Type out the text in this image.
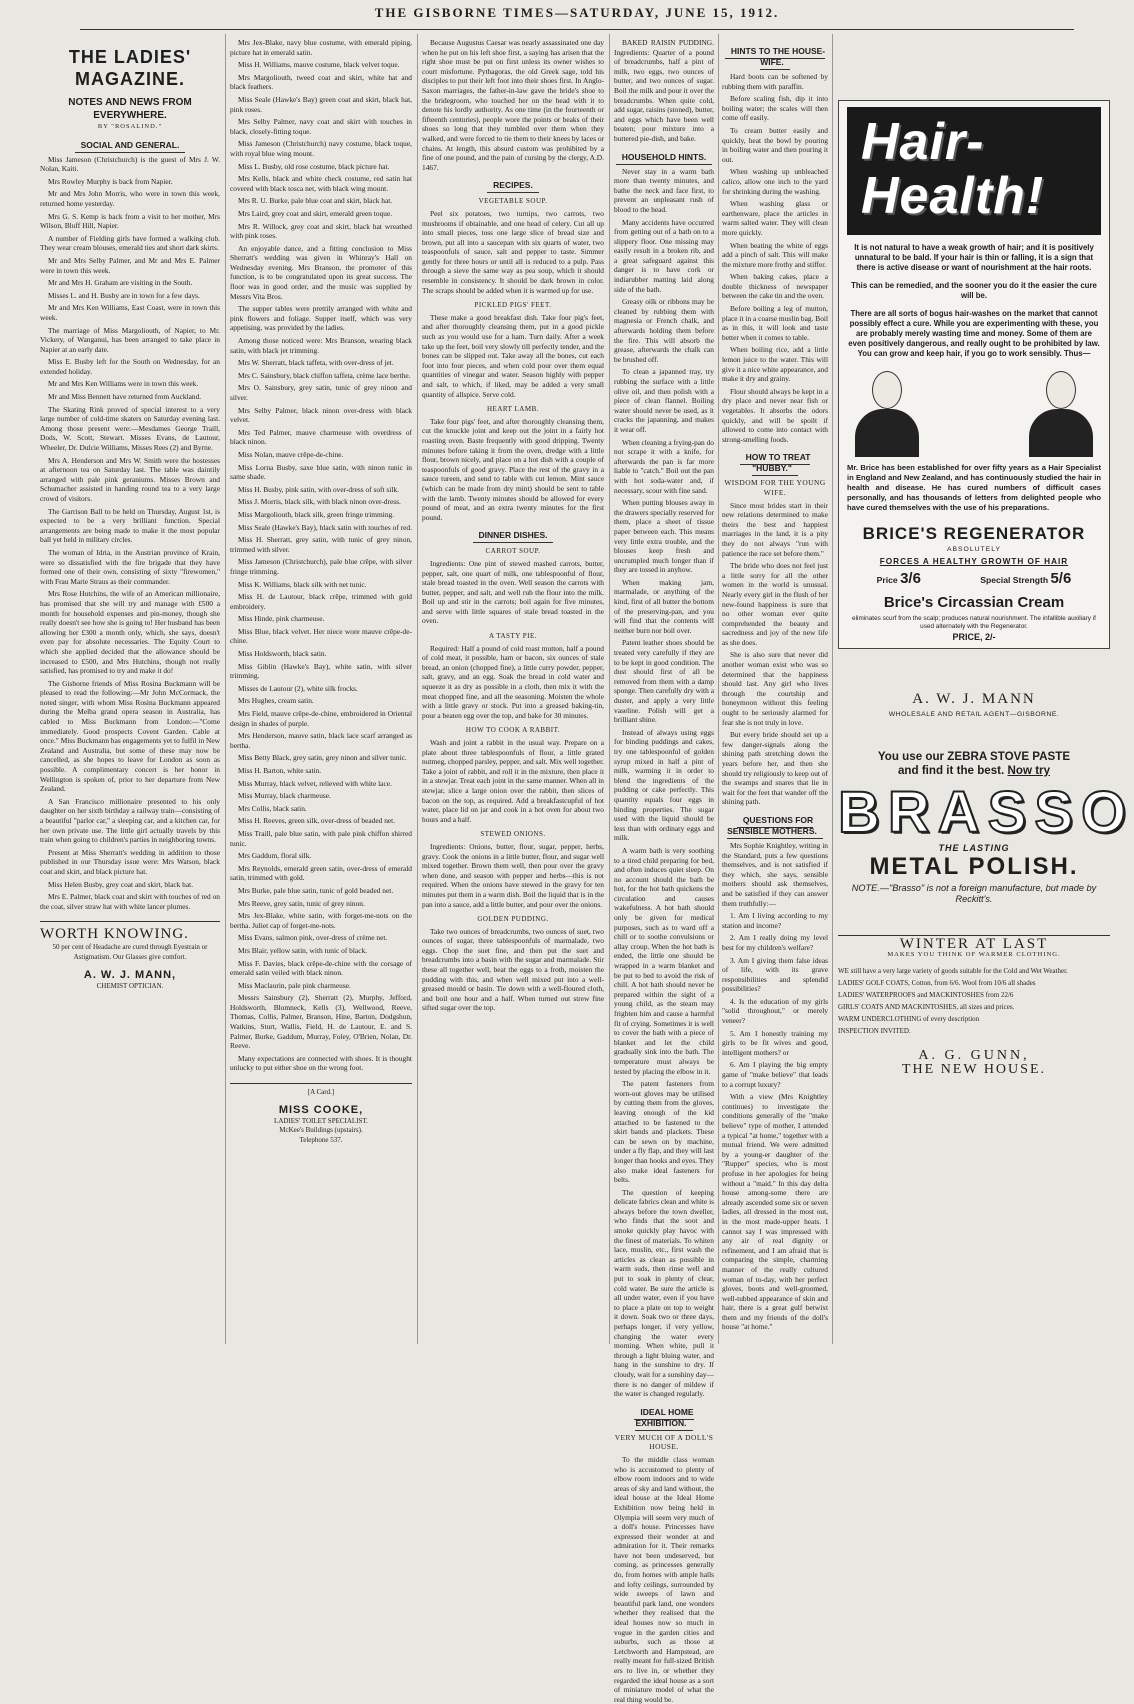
THE GISBORNE TIMES—SATURDAY, JUNE 15, 1912.
THE LADIES' MAGAZINE.
NOTES AND NEWS FROM EVERYWHERE.
BY "ROSALIND."
SOCIAL AND GENERAL.

Miss Jameson (Christchurch) is the guest of Mrs J. W. Nolan, Kaiti.

Mrs Rowley Murphy is back from Napier.

Mr and Mrs John Morris, who were in town this week, returned home yesterday.

Mrs G. S. Kemp is back from a visit to her mother, Mrs Wilson, Bluff Hill, Napier.

A number of Fielding girls have formed a walking club. They wear cream blouses, emerald ties and short dark skirts.

Mr and Mrs Selby Palmer, and Mr and Mrs E. Palmer were in town this week.

Mr and Mrs H. Graham are visiting in the South.

Misses L. and H. Busby are in town for a few days.

Mr and Mrs Ken Williams, East Coast, were in town this week.

The marriage of Miss Margoliouth, of Napier, to Mr. Vickery, of Wanganui, has been arranged to take place in Napier at an early date.

Miss E. Busby left for the South on Wednesday, for an extended holiday.

Mr and Mrs Ken Williams were in town this week.

Mr and Miss Bennett have returned from Auckland.

The Skating Rink proved of special interest to a very large number of cold-time skaters on Saturday evening last. Among those present were:—Mesdames George Traill, Dods, W. Scott, Stewart. Misses Evans, de Lautour, Wheeler, Dr. Dulcie Williams, Misses Rees (2) and Byrne.

Mrs A. Henderson and Mrs W. Smith were the hostesses at afternoon tea on Saturday last. The table was daintily arranged with pale pink geraniums. Misses Brown and Schumacher assisted in handing round tea to a very large crowd of visitors.

The Garrison Ball to be held on Thursday, August 1st, is expected to be a very brilliant function. Special arrangements are being made to make it the most popular ball yet held in military circles.

The woman of Idria, in the Austrian province of Krain, were so dissatisfied with the fire brigade that they have formed one of their own, consisting of sixty "firewomen," with Frau Marie Straus as their commander.

Mrs Rose Hutchins, the wife of an American millionaire, has promised that she will try and manage with £500 a month for household expenses and pin-money, though she really doesn't see how she is going to! Her husband has been allowing her £300 a month only, which, she says, doesn't even pay for absolute necessaries. The Equity Court to which she applied decided that the allowance should be increased to £500, and Mrs Hutchins, though not really satisfied, has promised to try and make it do!

The Gisborne friends of Miss Rosina Buckmann will be pleased to read the following:—Mr John McCormack, the noted singer, with whom Miss Rosina Buckmann appeared during the Melba grand opera season in Australia, has cabled to Miss Buckmann from London:—"Come immediately. Good prospects Covent Garden. Cable at once." Miss Buckmann has engagements yet to fulfil in New Zealand and Australia, but some of these may now be cancelled, as she hopes to leave for London as soon as possible. A complimentary concert is her honor in Wellington is spoken of, prior to her departure from New Zealand.

A San Francisco millionaire presented to his only daughter on her sixth birthday a railway train—consisting of a beautiful "parlor car," a sleeping car, and a kitchen car, for her own private use. The little girl actually travels by this train when going to children's parties in neighboring towns.

Present at Miss Sherratt's wedding in addition to those published in our Thursday issue were: Mrs Watson, black coat and skirt, and black picture hat.

Miss Helen Busby, grey coat and skirt, black hat.

Mrs E. Palmer, black coat and skirt with touches of red on the coat, silver straw hat with white lancer plumes.

WORTH KNOWING.
50 per cent of Headache are cured through Eyestrain or Astigmatism. Our Glasses give comfort.
A. W. J. MANN,
CHEMIST OPTICIAN.

Mrs Jex-Blake, navy blue costume, with emerald piping, picture hat in emerald satin.

Miss H. Williams, mauve costume, black velvet toque.

Mrs Margoliouth, tweed coat and skirt, white hat and black feathers.

Miss Seale (Hawke's Bay) green coat and skirt, black hat, pink roses.

Mrs Selby Palmer, navy coat and skirt with touches in black, closely-fitting toque.

Miss Jameson (Christchurch) navy costume, black toque, with royal blue wing mount.

Miss L. Busby, old rose costume, black picture hat.

Mrs Kells, black and white check costume, red satin hat covered with black tosca net, with black wing mount.

Mrs R. U. Burke, pale blue coat and skirt, black hat.

Mrs Laird, grey coat and skirt, emerald green toque.

Mrs R. Willock, grey coat and skirt, black hat wreathed with pink roses.

An enjoyable dance, and a fitting conclusion to Miss Sherratt's wedding was given in Whinray's Hall on Wednesday evening. Mrs Branson, the promoter of this function, is to be congratulated upon its great success. The floor was in good order, and the music was supplied by Messrs Vita Bros.

The supper tables were prettily arranged with white and pink flowers and foliage. Supper itself, which was very appetising, was provided by the ladies.

Among those noticed were: Mrs Branson, wearing black satin, with black jet trimming.

Mrs W. Sherratt, black taffeta, with over-dress of jet.

Mrs C. Sainsbury, black chiffon taffeta, crème lace berthe.

Mrs O. Sainsbury, grey satin, tunic of grey ninon and silver.

Mrs Selby Palmer, black ninon over-dress with black velvet.

Mrs Ted Palmer, mauve charmeuse with overdress of black ninon.

Miss Nolan, mauve crêpe-de-chine.

Miss Lorna Busby, saxe blue satin, with ninon tunic in same shade.

Miss H. Busby, pink satin, with over-dress of soft silk.

Miss J. Morris, black silk, with black ninon over-dress.

Miss Margoliouth, black silk, green fringe trimming.

Miss Seale (Hawke's Bay), black satin with touches of red.

Miss H. Sherratt, grey satin, with tunic of grey ninon, trimmed with silver.

Miss Jameson (Christchurch), pale blue crêpe, with silver fringe trimming.

Miss K. Williams, black silk with net tunic.

Miss H. de Lautour, black crêpe, trimmed with gold embroidery.

Miss Hinde, pink charmeuse.

Miss Blue, black velvet. Her niece wore mauve crêpe-de-chine.

Miss Holdsworth, black satin.

Miss Giblin (Hawke's Bay), white satin, with silver trimming.

Misses de Lautour (2), white silk frocks.

Mrs Hughes, cream satin.

Mrs Field, mauve crêpe-de-chine, embroidered in Oriental design in shades of purple.

Mrs Henderson, mauve satin, black lace scarf arranged as bertha.

Miss Betty Black, grey satin, grey ninon and silver tunic.

Miss H. Barton, white satin.

Miss Murray, black velvet, relieved with white lace.

Miss Murray, black charmeuse.

Mrs Collis, black satin.

Miss H. Reeves, green silk, over-dress of beaded net.

Miss Traill, pale blue satin, with pale pink chiffon shirred tunic.

Mrs Gaddum, floral silk.

Mrs Reynolds, emerald green satin, over-dress of emerald satin, trimmed with gold.

Mrs Burke, pale blue satin, tunic of gold beaded net.

Mrs Reeve, grey satin, tunic of grey ninon.

Mrs Jex-Blake, white satin, with forget-me-nots on the bertha. Juliet cap of forget-me-nots.

Miss Evans, salmon pink, over-dress of crème net.

Mrs Blair, yellow satin, with tunic of black.

Miss F. Davies, black crêpe-de-chine with the corsage of emerald satin veiled with black ninon.

Miss Maclaurin, pale pink charmeuse.

Messrs Sainsbury (2), Sherratt (2), Murphy, Jefford, Holdsworth, Blomneck, Kells (3), Wellwood, Reeve, Thomas, Collis, Palmer, Branson, Hine, Barton, Dodgshun, Watkins, Sturt, Wallis, Field, H. de Lautour, E. and S. Palmer, Burke, Gaddum, Murray, Foley, O'Brien, Nolan, Dr. Reeve.

Many expectations are connected with shoes. It is thought unlucky to put either shoe on the wrong foot.

[A Card.]
MISS COOKE,
LADIES' TOILET SPECIALIST.
McKee's Buildings (upstairs).
Telephone 537.

Because Augustus Caesar was nearly assassinated one day when he put on his left shoe first, a saying has arisen that the right shoe must be put on first unless its owner wishes to court misfortune. Pythagoras, the old Greek sage, told his disciples to put their left foot into their shoes first. In Anglo-Saxon marriages, the father-in-law gave the bride's shoe to the bridegroom, who touched her on the head with it to denote his lordly authority. As one time (in the fourteenth or fifteenth centuries), people wore the points or beaks of their shoes so long that they tumbled over them when they walked, and were forced to tie them to their knees by laces or chains. At length, this absurd custom was prohibited by a fine of one pound, and the pain of cursing by the clergy, A.D. 1467.

RECIPES.
VEGETABLE SOUP.

Peel six potatoes, two turnips, two carrots, two mushrooms if obtainable, and one head of celery. Cut all up into small pieces, toss one large slice of bread size and brown, put all into a saucepan with six quarts of water, two teaspoonfuls of sauce, salt and pepper to taste. Simmer gently for three hours or until all is reduced to a pulp. Pass through a sieve the same way as pea soup, which it should resemble in consistency. It should be dark brown in color. The scraps should be added when it is warmed up for use.

PICKLED PIGS' FEET.

These make a good breakfast dish. Take four pig's feet, and after thoroughly cleansing them, put in a good pickle such as you would use for a ham. Turn daily. After a week take up the feet, boil very slowly till perfectly tender, and the bones can be slipped out. Take away all the bones, cut each foot into four pieces, and when cold pour over them equal quantities of vinegar and water. Season highly with pepper and salt, to which, if liked, may be added a very small quantity of allspice. Serve cold.

HEART LAMB.

Take four pigs' feet, and after thoroughly cleansing them, cut the knuckle joint and keep out the joint in a fairly hot roasting oven. Baste frequently with good dripping. Twenty minutes before taking it from the oven, dredge with a little flour, brown nicely, and place on a hot dish with a couple of teaspoonfuls of good gravy. Place the rest of the gravy in a sauce tureen, and send to table with cut lemon. Mint sauce (which can be made from dry mint) should be sent to table with the lamb. Twenty minutes should be allowed for every pound of meat, and an extra twenty minutes for the first pound.

DINNER DISHES.
CARROT SOUP.

Ingredients: One pint of stewed mashed carrots, butter, pepper, salt, one quart of milk, one tablespoonful of flour, stale bread toasted in the oven. Well season the carrots with butter, pepper, and salt, and well rub the flour into the milk. Boil up and stir in the carrots; boil again for five minutes, and serve with little squares of stale bread toasted in the oven.

A TASTY PIE.

Required: Half a pound of cold roast mutton, half a pound of cold meat, it possible, ham or bacon, six ounces of stale bread, an onion (chopped fine), a little curry powder, pepper, salt, gravy, and an egg. Soak the bread in cold water and squeeze it as dry as possible in a cloth, then mix it with the meat chopped fine, and all the seasoning. Moisten the whole with a little gravy or stock. Put into a greased baking-tin, pour a beaten egg over the top, and bake for 30 minutes.

HOW TO COOK A RABBIT.

Wash and joint a rabbit in the usual way. Prepare on a plate about three tablespoonfuls of flour, a little grated nutmeg, chopped parsley, pepper, and salt. Mix well together. Take a joint of rabbit, and roll it in the mixture, then place it in a stewjar. Treat each joint in the same manner. When all in stewjar, slice a large onion over the rabbit, then slices of bacon on the top, as required. Add a breakfastcupful of hot water, place lid on jar and cook in a hot oven for about two hours and a half.

STEWED ONIONS.

Ingredients: Onions, butter, flour, sugar, pepper, herbs, gravy. Cook the onions in a little butter, flour, and sugar well mixed together. Brown them well, then pour over the gravy when done, and season with pepper and herbs—this is not required. When the onions have stewed in the gravy for ten minutes put them in a warm dish. Boil the liquid that is in the pan into a sauce, add a little butter, and pour over the onions.

GOLDEN PUDDING.

Take two ounces of breadcrumbs, two ounces of suet, two ounces of sugar, three tablespoonfuls of marmalade, two eggs. Chop the suet fine, and then put the suet and breadcrumbs into a basin with the sugar and marmalade. Stir these all together well, beat the eggs to a froth, moisten the pudding with this, and when well mixed put into a well-greased mould or basin. Tie down with a well-floured cloth, and boil one hour and a half. When turned out strew fine sifted sugar over the top.

BAKED RAISIN PUDDING. Ingredients: Quarter of a pound of breadcrumbs, half a pint of milk, two eggs, two ounces of butter, and two ounces of sugar. Boil the milk and pour it over the breadcrumbs. When quite cold, add sugar, raisins (stoned), butter, and eggs which have been well beaten; pour mixture into a buttered pie-dish, and bake.

HOUSEHOLD HINTS.

Never stay in a warm bath more than twenty minutes, and bathe the neck and face first, to prevent an unpleasant rush of blood to the head.

Many accidents have occurred from getting out of a bath on to a slippery floor. One missing may easily result in a broken rib, and a great safeguard against this danger is to have cork or indiarubber matting laid along side of the bath.

Greasy oilk or ribbons may be cleaned by rubbing them with magnesia or French chalk, and afterwards holding them before the fire. This will absorb the grease, afterwards the chalk can be brushed off.

To clean a japanned tray, try rubbing the surface with a little olive oil, and then polish with a piece of clean flannel. Boiling water should never be used, as it cracks the japanning, and makes it wear off.

When cleaning a frying-pan do not scrape it with a knife, for afterwards the pan is far more liable to "catch." Boil out the pan with hot soda-water and, if necessary, scour with fine sand.

When putting blouses away in the drawers specially reserved for them, place a sheet of tissue paper between each. This means very little extra trouble, and the blouses keep fresh and uncrumpled much longer than if they are tossed in anyhow.

When making jam, marmalade, or anything of the kind, first of all butter the bottom of the preserving-pan, and you will find that the contents will neither burn nor boil over.

Patent leather shoes should be treated very carefully if they are to be kept in good condition. The dust should first of all be removed from them with a damp sponge. Then carefully dry with a duster, and apply a very little vaseline. Polish will get a brilliant shine.

Instead of always using eggs for binding puddings and cakes, try one tablespoonful of golden syrup mixed in half a pint of milk, warming it in order to blend the ingredients of the pudding or cake perfectly. This quantity equals four eggs in binding properties. The sugar used with the liquid should be less than with ordinary eggs and milk.

A warm bath is very soothing to a tired child preparing for bed, and often induces quiet sleep. On no account should the bath be hot, for the hot bath quickens the circulation and causes wakefulness. A hot bath should only be given for medical purposes, such as to ward off a chill or to soothe convulsions or allay croup. When the hot bath is ended, the little one should be wrapped in a warm blanket and be put to bed to avoid the risk of chill. A hot bath should never be prepared within the sight of a young child, as the steam may frighten him and cause a harmful fit of crying. Sometimes it is well to cover the bath with a piece of blanket and let the child gradually sink into the bath. The temperature must always be tested by placing the elbow in it.

The patent fasteners from worn-out gloves may be utilised by cutting them from the gloves, leaving enough of the kid attached to be fastened to the skirt bands and plackets. These can be sewn on by machine, under a fly flap, and they will last longer than hooks and eyes. They also make ideal fasteners for belts.

The question of keeping delicate fabrics clean and white is always before the town dweller, who finds that the soot and smoke quickly play havoc with the finest of materials. To whiten lace, muslin, etc., first wash the articles as clean as possible in warm suds, then rinse well and put to soak in plenty of clear, cold water. Be sure the article is all under water, even if you have to place a plate on top to weight it down. Soak two or three days, perhaps longer, if very yellow, changing the water every morning. When white, pull it through a light bluing water, and hang in the sunshine to dry. If cloudy, wait for a sunshiny day—there is no danger of mildew if the water is changed regularly.

IDEAL HOME EXHIBITION.
VERY MUCH OF A DOLL'S HOUSE.

To the middle class woman who is accustomed to plenty of elbow room indoors and to wide areas of sky and land without, the ideal house at the Ideal Home Exhibition now being held in Olympia will seem very much of a doll's house. Princesses have expressed their wonder at and admiration for it. Their remarks have not been undeserved, but coming, as princesses generally do, from homes with ample halls and lofty ceilings, surrounded by wide sweeps of lawn and beautiful park land, one wonders whether they realised that the ideal houses now so much in vogue in the garden cities and suburbs, such as those at Letchworth and Hampstead, are really meant for full-sized British ers to live in, or whether they regarded the ideal house as a sort of miniature model of what the real thing would be.

HINTS TO THE HOUSE-WIFE.

Hard boots can be softened by rubbing them with paraffin.

Before scaling fish, dip it into boiling water; the scales will then come off easily.

To cream butter easily and quickly, heat the bowl by pouring in boiling water and then pouring it out.

When washing up unbleached calico, allow one inch to the yard for shrinking during the washing.

When washing glass or earthenware, place the articles in warm salted water. They will clean more quickly.

When beating the white of eggs add a pinch of salt. This will make the mixture more frothy and stiffer.

When baking cakes, place a double thickness of newspaper between the cake tin and the oven.

Before boiling a leg of mutton, place it in a coarse muslin bag. Boil as in this, it will look and taste better when it comes to table.

When boiling rice, add a little lemon juice to the water. This will give it a nice white appearance, and make it dry and grainy.

Flour should always be kept in a dry place and never near fish or vegetables. It absorbs the odors quickly, and will be spoilt if allowed to come into contact with strong-smelling foods.

HOW TO TREAT "HUBBY."
WISDOM FOR THE YOUNG WIFE.

Since most brides start in their new relations determined to make theirs the best and happiest marriages in the land, it is a pity they do not always "run with patience the race set before them."

The bride who does not feel just a little sorry for all the other women in the world is unusual. Nearly every girl in the flush of her new-found happiness is sure that no other woman ever quite comprehended the beauty and sacredness and joy of the new life as she does.

She is also sure that never did another woman exist who was so determined that the happiness should last. Any girl who lives through the courtship and honeymoon without this feeling ought to be seriously alarmed for fear she is not truly in love.

But every bride should set up a few danger-signals along the shining path stretching down the years before her, and then she should try religiously to keep out of the swamps and snares that lie in wait for the feet that wander off the shining path.

QUESTIONS FOR SENSIBLE MOTHERS.

Mrs Sophie Knightley, writing in the Standard, puts a few questions themselves, and is not satisfied if they which, she says, sensible mothers should ask themselves, and be satisfied if they can answer them truthfully:—

1. Am I living according to my station and income?

2. Am I really doing my level best for my children's welfare?

3. Am I giving them false ideas of life, with its grave responsibilities and splendid possibilities?

4. Is the education of my girls "solid throughout," or merely veneer?

5. Am I honestly training my girls to be fit wives and good, intelligent mothers? or

6. Am I playing the big empty game of "make believe" that leads to a corrupt luxury?

With a view (Mrs Knightley continues) to investigate the conditions generally of the "make believe" type of mother, I attended a typical "at home," together with a mutual friend. We were admitted by a young-er daughter of the "Rupper" species, who is most profuse in her apologies for being without a "maid." In this day delta house among-some there are already ascended some six or seven ladies, all dressed in the most out, in the most made-upper heats. I cannot say I was impressed with any air of real dignity or refinement, and I am afraid that is comparing the simple, charming manner of the really cultured woman of to-day, with her perfect gloves, boots and well-groomed, well-tubbed appearance of skin and hair, there is a great gulf betwixt them and my friends of the doll's house "at home."

Hair-Health!

It is not natural to have a weak growth of hair; and it is positively unnatural to be bald. If your hair is thin or falling, it is a sign that there is active disease or want of nourishment at the hair roots.

This can be remedied, and the sooner you do it the easier the cure will be.

There are all sorts of bogus hair-washes on the market that cannot possibly effect a cure. While you are experimenting with these, you are probably merely wasting time and money. Some of them are even positively dangerous, and really ought to be prohibited by law. You can grow and keep hair, if you go to work sensibly. Thus—

Mr. Brice has been established for over fifty years as a Hair Specialist in England and New Zealand, and has continuously studied the hair in health and disease. He has cured numbers of difficult cases personally, and has thousands of letters from delighted people who have cured themselves with the use of his preparations.
BRICE'S REGENERATOR
ABSOLUTELY
FORCES A HEALTHY GROWTH OF HAIR
Price 3/6	Special Strength 5/6
Brice's Circassian Cream
eliminates scurf from the scalp; produces natural nourishment. The infallible auxiliary if used alternately with the Regenerator.
PRICE, 2/-
A. W. J. MANN
WHOLESALE AND RETAIL AGENT—GISBORNE.
You use our ZEBRA STOVE PASTE
and find it the best. Now try
BRASSO
THE LASTING
METAL POLISH.
NOTE.—"Brasso" is not a foreign manufacture, but made by Reckitt's.
WINTER AT LAST
MAKES YOU THINK OF WARMER CLOTHING.
WE still have a very large variety of goods suitable for the Cold and Wet Weather.
LADIES' GOLF COATS, Cotton, from 6/6. Wool from 10/6 all shades
LADIES' WATERPROOFS and MACKINTOSHES from 22/6
GIRLS' COATS AND MACKINTOSHES, all sizes and prices.
WARM UNDERCLOTHING of every description
INSPECTION INVITED.
A. G. GUNN,
THE NEW HOUSE.
